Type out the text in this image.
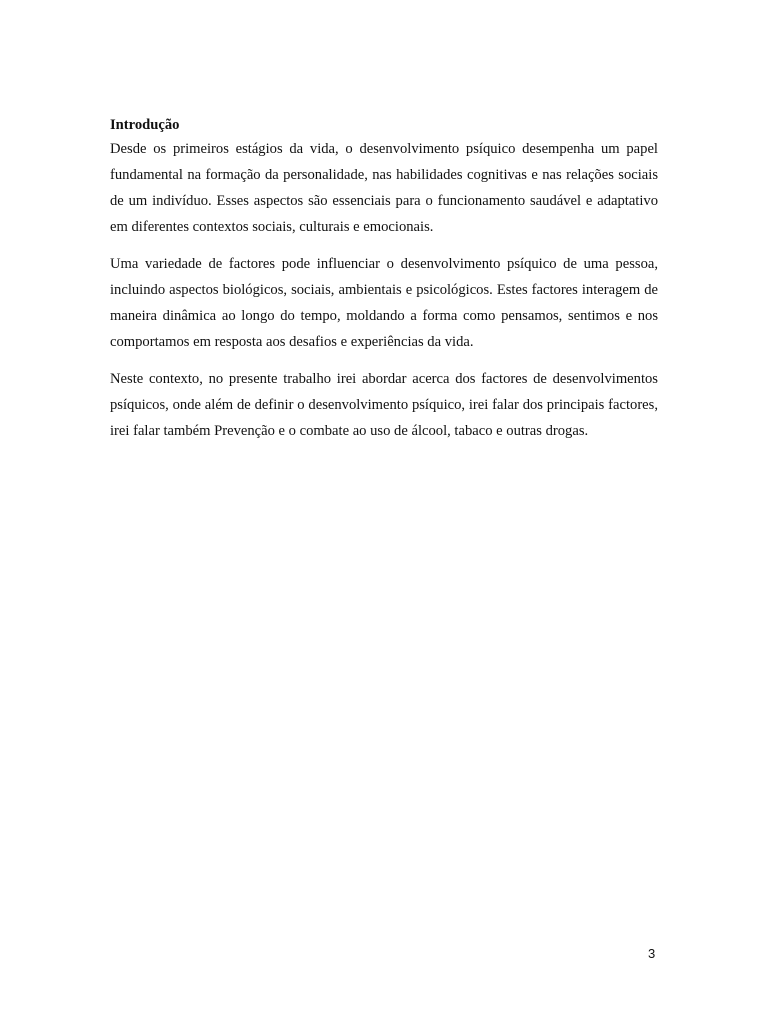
Introdução

Desde os primeiros estágios da vida, o desenvolvimento psíquico desempenha um papel fundamental na formação da personalidade, nas habilidades cognitivas e nas relações sociais de um indivíduo. Esses aspectos são essenciais para o funcionamento saudável e adaptativo em diferentes contextos sociais, culturais e emocionais.

Uma variedade de factores pode influenciar o desenvolvimento psíquico de uma pessoa, incluindo aspectos biológicos, sociais, ambientais e psicológicos. Estes factores interagem de maneira dinâmica ao longo do tempo, moldando a forma como pensamos, sentimos e nos comportamos em resposta aos desafios e experiências da vida.

Neste contexto, no presente trabalho irei abordar acerca dos factores de desenvolvimentos psíquicos, onde além de definir o desenvolvimento psíquico, irei falar dos principais factores, irei falar também Prevenção e o combate ao uso de álcool, tabaco e outras drogas.

3
